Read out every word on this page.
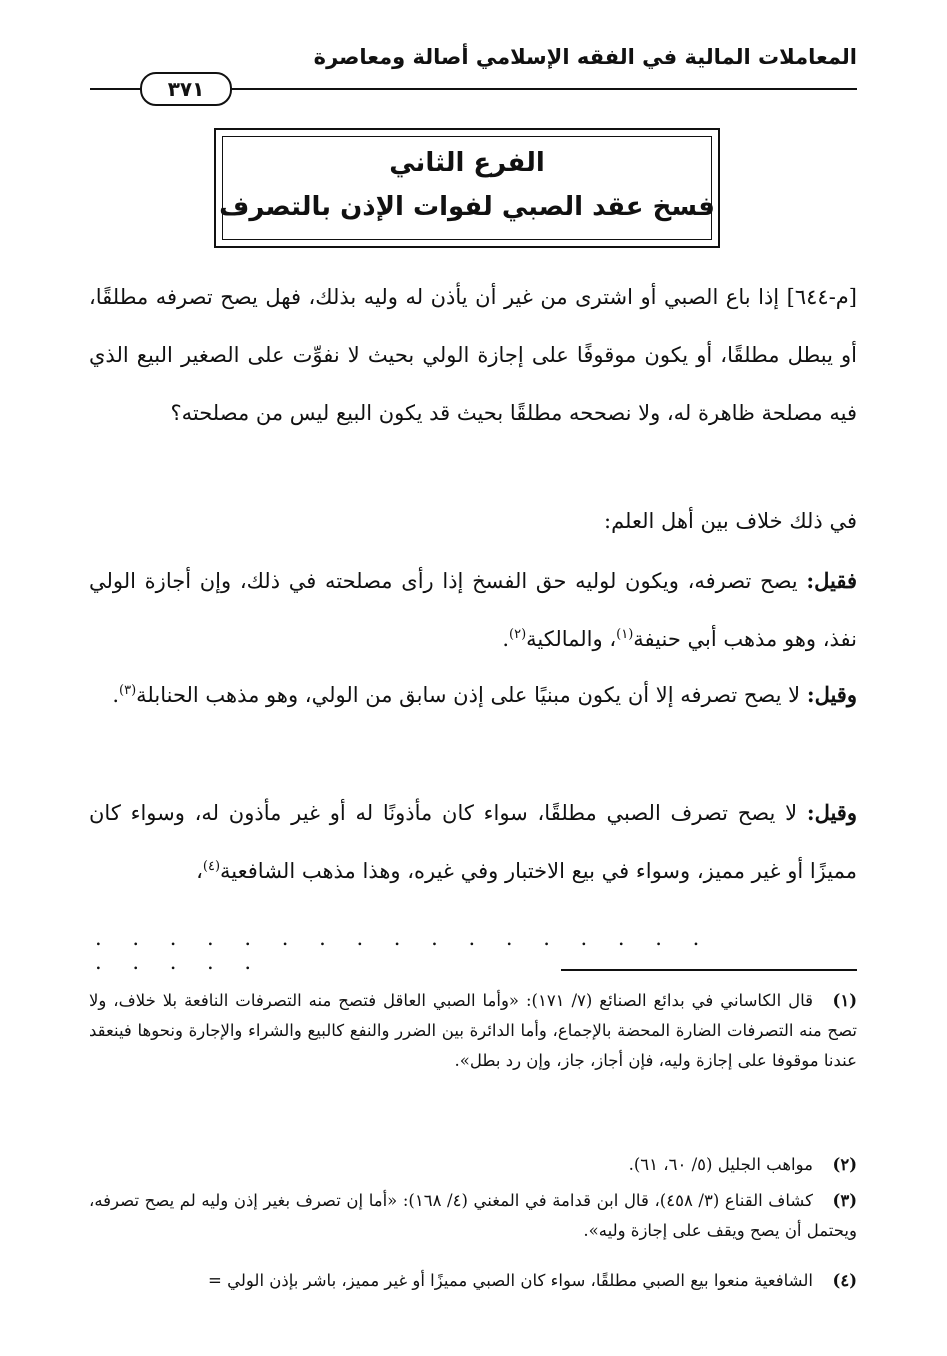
المعاملات المالية في الفقه الإسلامي أصالة ومعاصرة
٣٧١
الفرع الثاني
فسخ عقد الصبي لفوات الإذن بالتصرف
[م-٦٤٤] إذا باع الصبي أو اشترى من غير أن يأذن له وليه بذلك، فهل يصح تصرفه مطلقًا، أو يبطل مطلقًا، أو يكون موقوفًا على إجازة الولي بحيث لا نفوِّت على الصغير البيع الذي فيه مصلحة ظاهرة له، ولا نصححه مطلقًا بحيث قد يكون البيع ليس من مصلحته؟
في ذلك خلاف بين أهل العلم:
فقيل: يصح تصرفه، ويكون لوليه حق الفسخ إذا رأى مصلحته في ذلك، وإن أجازة الولي نفذ، وهو مذهب أبي حنيفة$^{(١)}$، والمالكية$^{(٢)}$.
وقيل: لا يصح تصرفه إلا أن يكون مبنيًا على إذن سابق من الولي، وهو مذهب الحنابلة$^{(٣)}$.
وقيل: لا يصح تصرف الصبي مطلقًا، سواء كان مأذونًا له أو غير مأذون له، وسواء كان مميزًا أو غير مميز، وسواء في بيع الاختبار وفي غيره، وهذا مذهب الشافعية$^{(٤)}$،
. . . . . . . . . . . . . . . . . . . . . .
(١)قال الكاساني في بدائع الصنائع (٧/ ١٧١): «وأما الصبي العاقل فتصح منه التصرفات النافعة بلا خلاف، ولا تصح منه التصرفات الضارة المحضة بالإجماع، وأما الدائرة بين الضرر والنفع كالبيع والشراء والإجارة ونحوها فينعقد عندنا موقوفا على إجازة وليه، فإن أجاز، جاز، وإن رد بطل».
(٢)مواهب الجليل (٥/ ٦٠، ٦١).
(٣)كشاف القناع (٣/ ٤٥٨)، قال ابن قدامة في المغني (٤/ ١٦٨): «أما إن تصرف بغير إذن وليه لم يصح تصرفه، ويحتمل أن يصح ويقف على إجازة وليه».
(٤)الشافعية منعوا بيع الصبي مطلقًا، سواء كان الصبي مميزًا أو غير مميز، باشر بإذن الولي =
